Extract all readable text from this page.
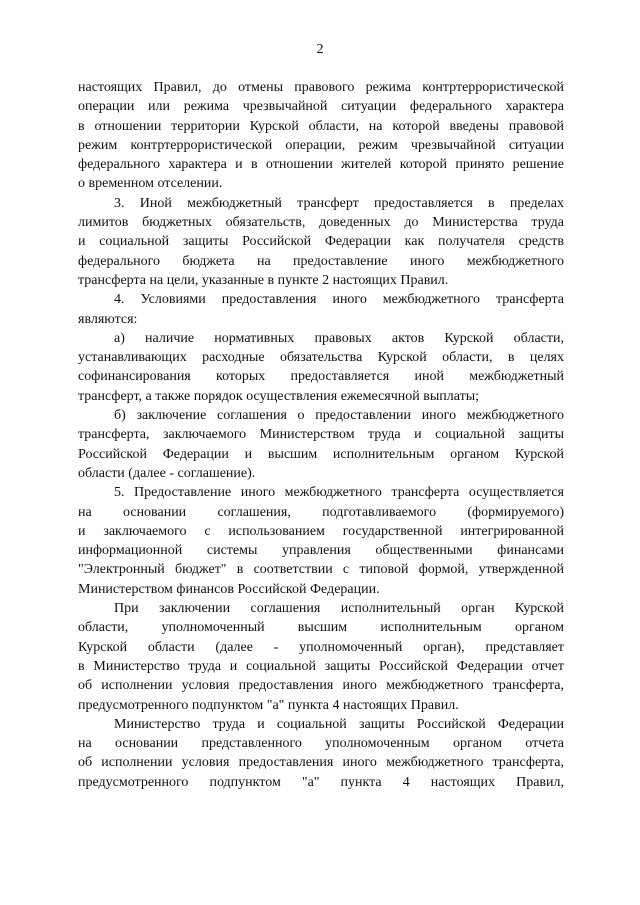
2
настоящих Правил, до отмены правового режима контртеррористической
операции или режима чрезвычайной ситуации федерального характера
в отношении территории Курской области, на которой введены правовой
режим контртеррористической операции, режим чрезвычайной ситуации
федерального характера и в отношении жителей которой принято решение
о временном отселении.
3. Иной межбюджетный трансферт предоставляется в пределах
лимитов бюджетных обязательств, доведенных до Министерства труда
и социальной защиты Российской Федерации как получателя средств
федерального бюджета на предоставление иного межбюджетного
трансферта на цели, указанные в пункте 2 настоящих Правил.
4. Условиями предоставления иного межбюджетного трансферта
являются:
а) наличие нормативных правовых актов Курской области,
устанавливающих расходные обязательства Курской области, в целях
софинансирования которых предоставляется иной межбюджетный
трансферт, а также порядок осуществления ежемесячной выплаты;
б) заключение соглашения о предоставлении иного межбюджетного
трансферта, заключаемого Министерством труда и социальной защиты
Российской Федерации и высшим исполнительным органом Курской
области (далее - соглашение).
5. Предоставление иного межбюджетного трансферта осуществляется
на основании соглашения, подготавливаемого (формируемого)
и заключаемого с использованием государственной интегрированной
информационной системы управления общественными финансами
"Электронный бюджет" в соответствии с типовой формой, утвержденной
Министерством финансов Российской Федерации.
При заключении соглашения исполнительный орган Курской
области, уполномоченный высшим исполнительным органом
Курской области (далее - уполномоченный орган), представляет
в Министерство труда и социальной защиты Российской Федерации отчет
об исполнении условия предоставления иного межбюджетного трансферта,
предусмотренного подпунктом "а" пункта 4 настоящих Правил.
Министерство труда и социальной защиты Российской Федерации
на основании представленного уполномоченным органом отчета
об исполнении условия предоставления иного межбюджетного трансферта,
предусмотренного подпунктом "а" пункта 4 настоящих Правил,
